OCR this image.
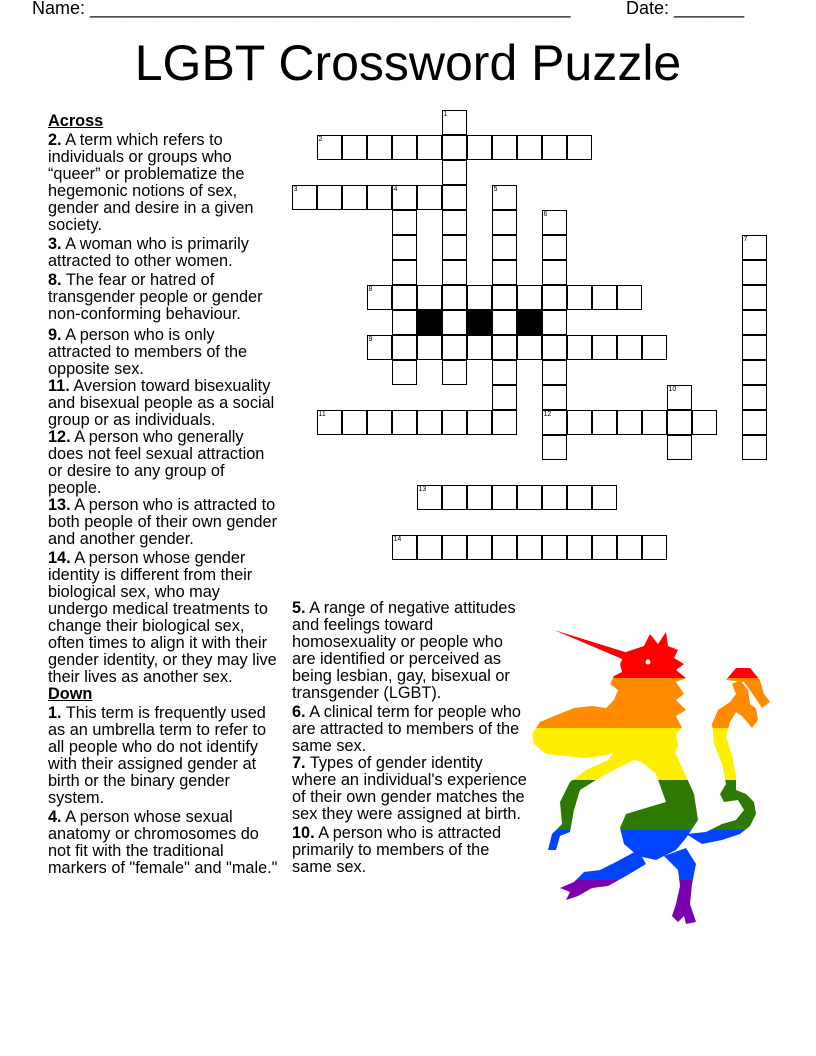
Name: ________________________________________________	Date: _______
LGBT Crossword Puzzle
Across
2. A term which refers to individuals or groups who “queer” or problematize the hegemonic notions of sex, gender and desire in a given society.
3. A woman who is primarily attracted to other women.
8. The fear or hatred of transgender people or gender non-conforming behaviour.
9. A person who is only attracted to members of the opposite sex.
11. Aversion toward bisexuality and bisexual people as a social group or as individuals.
12. A person who generally does not feel sexual attraction or desire to any group of people.
13. A person who is attracted to both people of their own gender and another gender.
14. A person whose gender identity is different from their biological sex, who may undergo medical treatments to change their biological sex, often times to align it with their gender identity, or they may live their lives as another sex.
Down
1. This term is frequently used as an umbrella term to refer to all people who do not identify with their assigned gender at birth or the binary gender system.
4. A person whose sexual anatomy or chromosomes do not fit with the traditional markers of "female" and "male."
5. A range of negative attitudes and feelings toward homosexuality or people who are identified or perceived as being lesbian, gay, bisexual or transgender (LGBT).
6. A clinical term for people who are attracted to members of the same sex.
7. Types of gender identity where an individual's experience of their own gender matches the sex they were assigned at birth.
10. A person who is attracted primarily to members of the same sex.
1
2
3	4	5
6
12
7
8
9
10
11
13
14
